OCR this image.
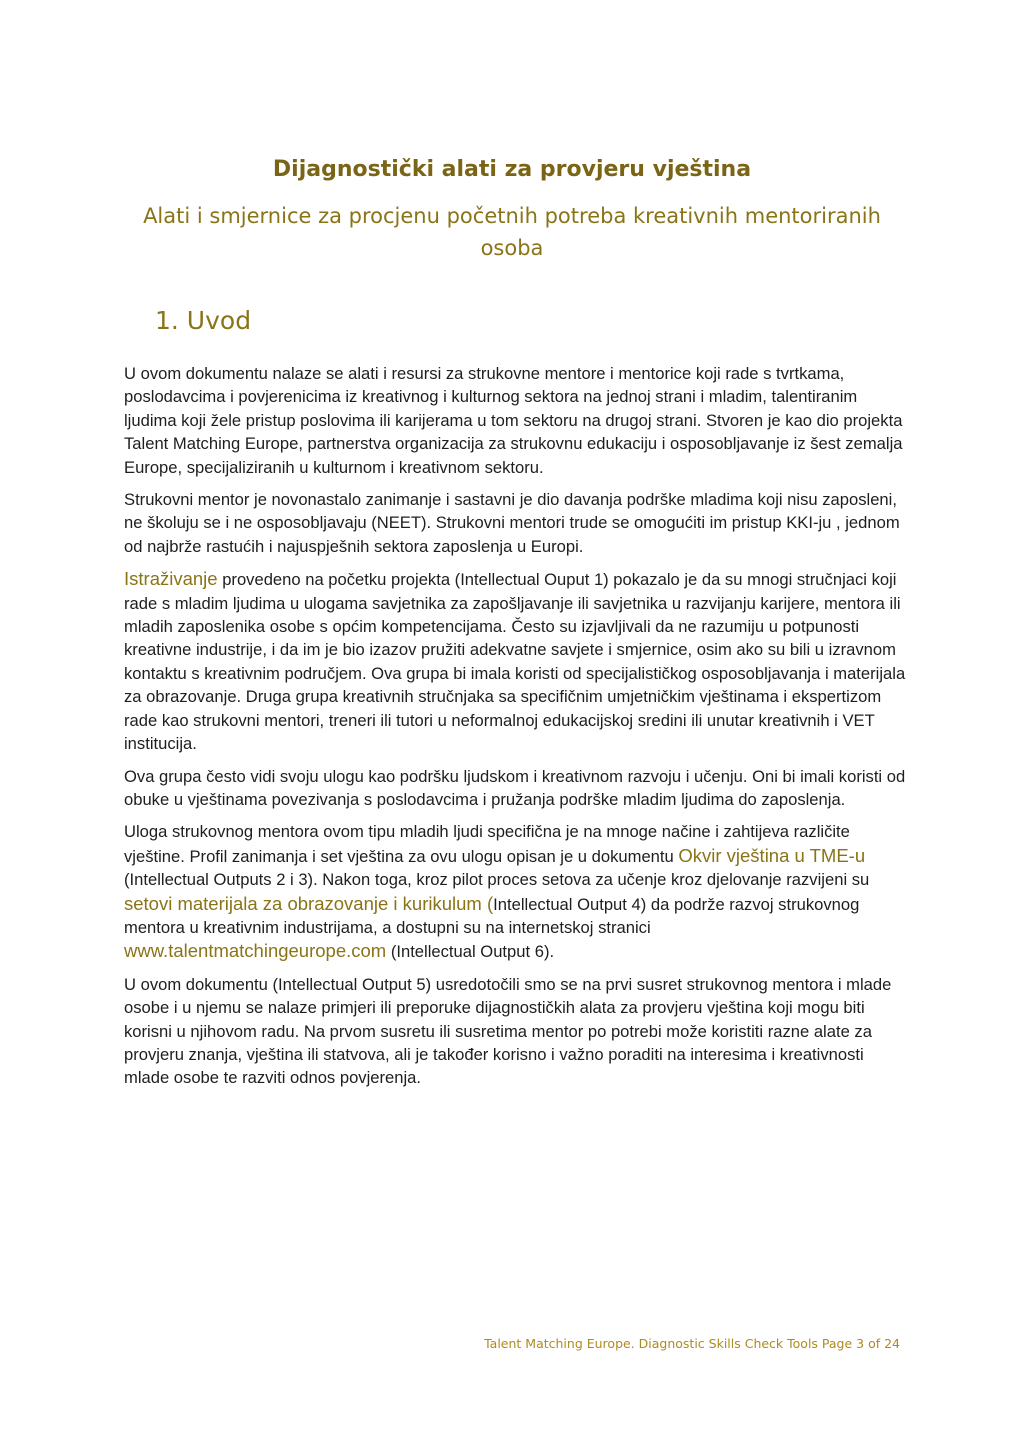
Dijagnostički alati za provjeru vještina
Alati i smjernice za procjenu početnih potreba kreativnih mentoriranih osoba
1. Uvod

U ovom dokumentu nalaze se alati i resursi za strukovne mentore i mentorice koji rade s tvrtkama, poslodavcima i povjerenicima iz kreativnog i kulturnog sektora na jednoj strani i mladim, talentiranim ljudima koji žele pristup poslovima ili karijerama u tom sektoru na drugoj strani. Stvoren je kao dio projekta Talent Matching Europe, partnerstva organizacija za strukovnu edukaciju i osposobljavanje iz šest zemalja Europe, specijaliziranih u kulturnom i kreativnom sektoru.

Strukovni mentor je novonastalo zanimanje i sastavni je dio davanja podrške mladima koji nisu zaposleni, ne školuju se i ne osposobljavaju (NEET). Strukovni mentori trude se omogućiti im pristup KKI-ju , jednom od najbrže rastućih i najuspješnih sektora zaposlenja u Europi.

Istraživanje provedeno na početku projekta (Intellectual Ouput 1) pokazalo je da su mnogi stručnjaci koji rade s mladim ljudima u ulogama savjetnika za zapošljavanje ili savjetnika u razvijanju karijere, mentora ili mladih zaposlenika osobe s općim kompetencijama. Često su izjavljivali da ne razumiju u potpunosti kreativne industrije, i da im je bio izazov pružiti adekvatne savjete i smjernice, osim ako su bili u izravnom kontaktu s kreativnim područjem. Ova grupa bi imala koristi od specijalističkog osposobljavanja i materijala za obrazovanje. Druga grupa kreativnih stručnjaka sa specifičnim umjetničkim vještinama i ekspertizom rade kao strukovni mentori, treneri ili tutori u neformalnoj edukacijskoj sredini ili unutar kreativnih i VET institucija.

Ova grupa često vidi svoju ulogu kao podršku ljudskom i kreativnom razvoju i učenju. Oni bi imali koristi od obuke u vještinama povezivanja s poslodavcima i pružanja podrške mladim ljudima do zaposlenja.

Uloga strukovnog mentora ovom tipu mladih ljudi specifična je na mnoge načine i zahtijeva različite vještine. Profil zanimanja i set vještina za ovu ulogu opisan je u dokumentu Okvir vještina u TME-u (Intellectual Outputs 2 i 3). Nakon toga, kroz pilot proces setova za učenje kroz djelovanje razvijeni su setovi materijala za obrazovanje i kurikulum (Intellectual Output 4) da podrže razvoj strukovnog mentora u kreativnim industrijama, a dostupni su na internetskoj stranici www.talentmatchingeurope.com (Intellectual Output 6).

U ovom dokumentu (Intellectual Output 5) usredotočili smo se na prvi susret strukovnog mentora i mlade osobe i u njemu se nalaze primjeri ili preporuke dijagnostičkih alata za provjeru vještina koji mogu biti korisni u njihovom radu. Na prvom susretu ili susretima mentor po potrebi može koristiti razne alate za provjeru znanja, vještina ili statvova, ali je također korisno i važno poraditi na interesima i kreativnosti mlade osobe te razviti odnos povjerenja.

Talent Matching Europe. Diagnostic Skills Check Tools Page 3 of 24
